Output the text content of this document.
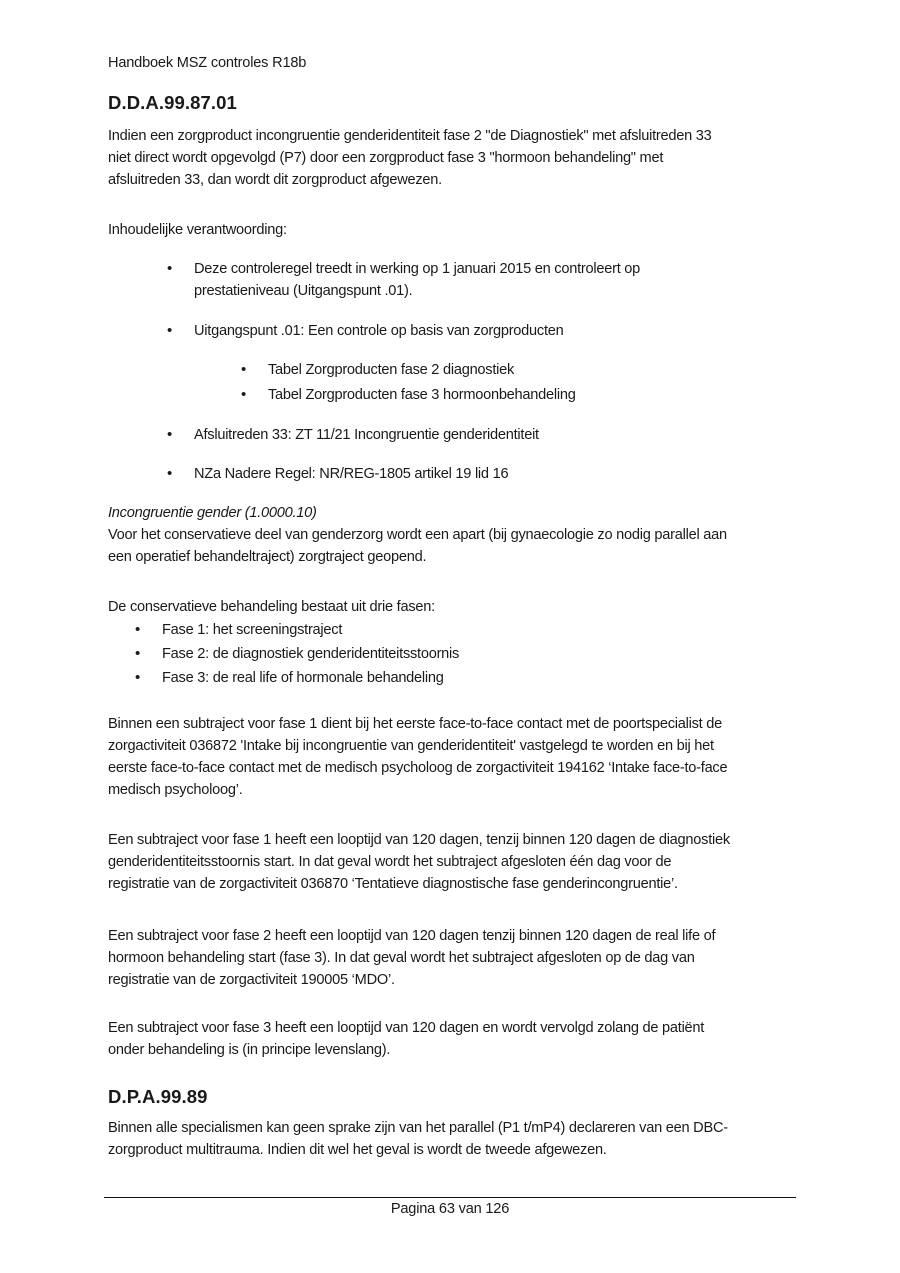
Handboek MSZ controles R18b
D.D.A.99.87.01
Indien een zorgproduct incongruentie genderidentiteit fase 2 "de Diagnostiek" met afsluitreden 33
niet direct wordt opgevolgd (P7) door een zorgproduct fase 3 "hormoon behandeling" met
afsluitreden 33, dan wordt dit zorgproduct afgewezen.
Inhoudelijke verantwoording:
• Deze controleregel treedt in werking op 1 januari 2015 en controleert op
prestatieniveau (Uitgangspunt .01).
• Uitgangspunt .01: Een controle op basis van zorgproducten
• Tabel Zorgproducten fase 2 diagnostiek
• Tabel Zorgproducten fase 3 hormoonbehandeling
• Afsluitreden 33: ZT 11/21 Incongruentie genderidentiteit
• NZa Nadere Regel: NR/REG-1805 artikel 19 lid 16
Incongruentie gender (1.0000.10)
Voor het conservatieve deel van genderzorg wordt een apart (bij gynaecologie zo nodig parallel aan
een operatief behandeltraject) zorgtraject geopend.
De conservatieve behandeling bestaat uit drie fasen:
• Fase 1: het screeningstraject
• Fase 2: de diagnostiek genderidentiteitsstoornis
• Fase 3: de real life of hormonale behandeling
Binnen een subtraject voor fase 1 dient bij het eerste face-to-face contact met de poortspecialist de
zorgactiviteit 036872 'Intake bij incongruentie van genderidentiteit' vastgelegd te worden en bij het
eerste face-to-face contact met de medisch psycholoog de zorgactiviteit 194162 ‘Intake face-to-face
medisch psycholoog’.
Een subtraject voor fase 1 heeft een looptijd van 120 dagen, tenzij binnen 120 dagen de diagnostiek
genderidentiteitsstoornis start. In dat geval wordt het subtraject afgesloten één dag voor de
registratie van de zorgactiviteit 036870 ‘Tentatieve diagnostische fase genderincongruentie’.
Een subtraject voor fase 2 heeft een looptijd van 120 dagen tenzij binnen 120 dagen de real life of
hormoon behandeling start (fase 3). In dat geval wordt het subtraject afgesloten op de dag van
registratie van de zorgactiviteit 190005 ‘MDO’.
Een subtraject voor fase 3 heeft een looptijd van 120 dagen en wordt vervolgd zolang de patiënt
onder behandeling is (in principe levenslang).
D.P.A.99.89
Binnen alle specialismen kan geen sprake zijn van het parallel (P1 t/mP4) declareren van een DBC-
zorgproduct multitrauma. Indien dit wel het geval is wordt de tweede afgewezen.
Pagina 63 van 126
